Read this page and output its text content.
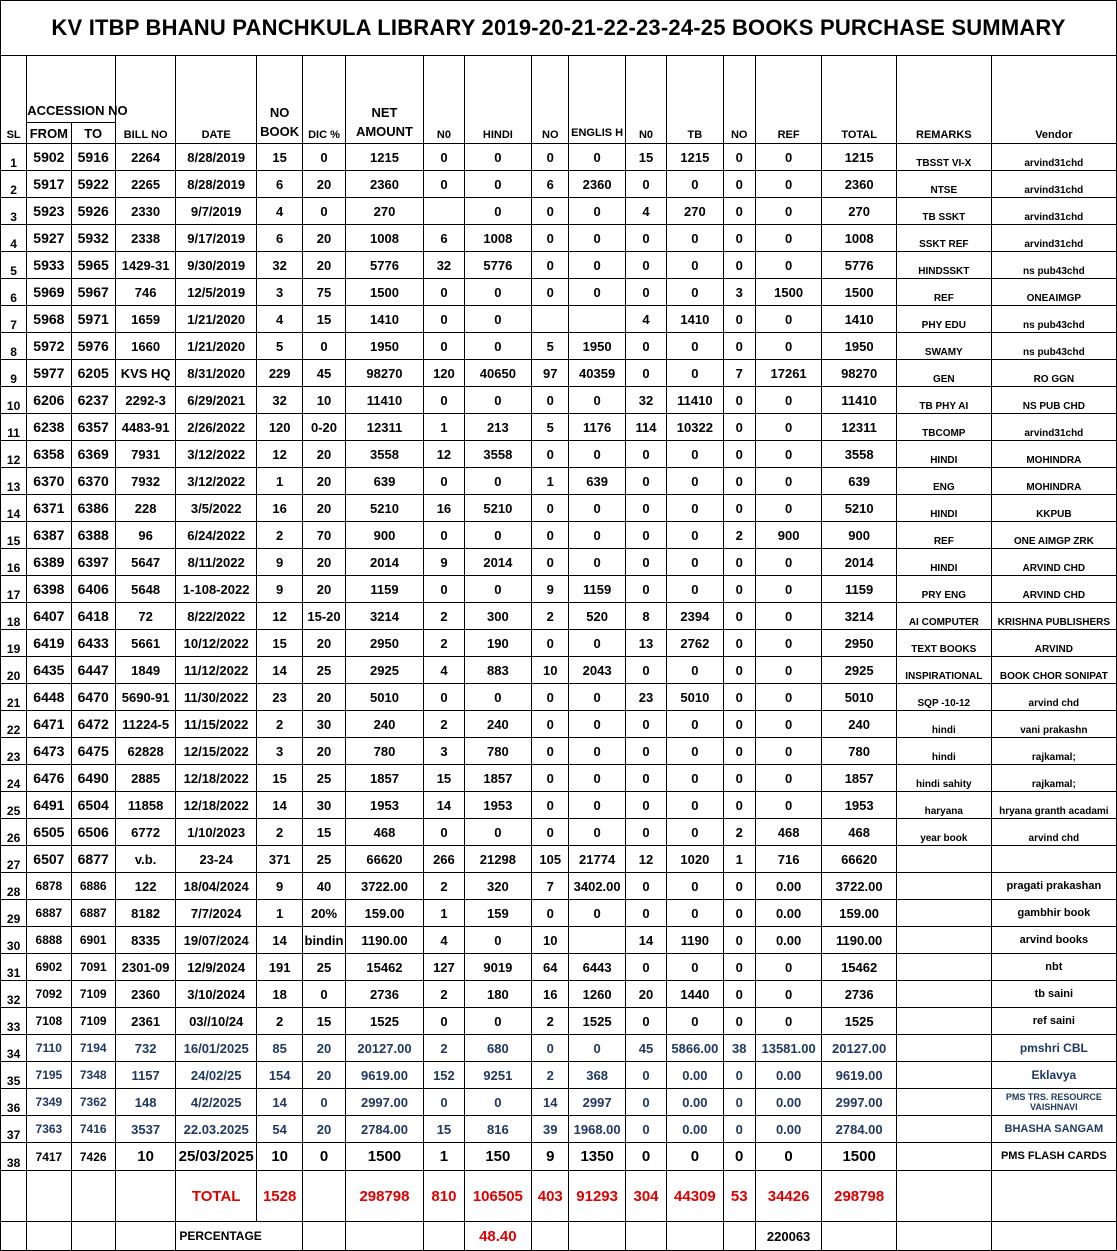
KV ITBP BHANU PANCHKULA LIBRARY 2019-20-21-22-23-24-25 BOOKS PURCHASE SUMMARY																		
SL	ACCESSION NO		BILL NO	DATE	NO BOOK	DIC %	NET AMOUNT	N0	HINDI	NO	ENGLIS H	N0	TB	NO	REF	TOTAL	REMARKS	Vendor
	FROM	TO																
1	5902	5916	2264	8/28/2019	15	0	1215	0	0	0	0	15	1215	0	0	1215	TBSST VI-X	arvind31chd
2	5917	5922	2265	8/28/2019	6	20	2360	0	0	6	2360	0	0	0	0	2360	NTSE	arvind31chd
3	5923	5926	2330	9/7/2019	4	0	270		0	0	0	4	270	0	0	270	TB SSKT	arvind31chd
4	5927	5932	2338	9/17/2019	6	20	1008	6	1008	0	0	0	0	0	0	1008	SSKT REF	arvind31chd
5	5933	5965	1429-31	9/30/2019	32	20	5776	32	5776	0	0	0	0	0	0	5776	HINDSSKT	ns pub43chd
6	5969	5967	746	12/5/2019	3	75	1500	0	0	0	0	0	0	3	1500	1500	REF	ONEAIMGP
7	5968	5971	1659	1/21/2020	4	15	1410	0	0			4	1410	0	0	1410	PHY EDU	ns pub43chd
8	5972	5976	1660	1/21/2020	5	0	1950	0	0	5	1950	0	0	0	0	1950	SWAMY	ns pub43chd
9	5977	6205	KVS HQ	8/31/2020	229	45	98270	120	40650	97	40359	0	0	7	17261	98270	GEN	RO GGN
10	6206	6237	2292-3	6/29/2021	32	10	11410	0	0	0	0	32	11410	0	0	11410	TB PHY AI	NS PUB CHD
11	6238	6357	4483-91	2/26/2022	120	0-20	12311	1	213	5	1176	114	10322	0	0	12311	TBCOMP	arvind31chd
12	6358	6369	7931	3/12/2022	12	20	3558	12	3558	0	0	0	0	0	0	3558	HINDI	MOHINDRA
13	6370	6370	7932	3/12/2022	1	20	639	0	0	1	639	0	0	0	0	639	ENG	MOHINDRA
14	6371	6386	228	3/5/2022	16	20	5210	16	5210	0	0	0	0	0	0	5210	HINDI	KKPUB
15	6387	6388	96	6/24/2022	2	70	900	0	0	0	0	0	0	2	900	900	REF	ONE AIMGP ZRK
16	6389	6397	5647	8/11/2022	9	20	2014	9	2014	0	0	0	0	0	0	2014	HINDI	ARVIND CHD
17	6398	6406	5648	1-108-2022	9	20	1159	0	0	9	1159	0	0	0	0	1159	PRY ENG	ARVIND CHD
18	6407	6418	72	8/22/2022	12	15-20	3214	2	300	2	520	8	2394	0	0	3214	AI COMPUTER	KRISHNA PUBLISHERS
19	6419	6433	5661	10/12/2022	15	20	2950	2	190	0	0	13	2762	0	0	2950	TEXT BOOKS	ARVIND
20	6435	6447	1849	11/12/2022	14	25	2925	4	883	10	2043	0	0	0	0	2925	INSPIRATIONAL	BOOK CHOR SONIPAT
21	6448	6470	5690-91	11/30/2022	23	20	5010	0	0	0	0	23	5010	0	0	5010	SQP -10-12	arvind chd
22	6471	6472	11224-5	11/15/2022	2	30	240	2	240	0	0	0	0	0	0	240	hindi	vani prakashn
23	6473	6475	62828	12/15/2022	3	20	780	3	780	0	0	0	0	0	0	780	hindi	rajkamal;
24	6476	6490	2885	12/18/2022	15	25	1857	15	1857	0	0	0	0	0	0	1857	hindi sahity	rajkamal;
25	6491	6504	11858	12/18/2022	14	30	1953	14	1953	0	0	0	0	0	0	1953	haryana	hryana granth acadami
26	6505	6506	6772	1/10/2023	2	15	468	0	0	0	0	0	0	2	468	468	year book	arvind chd
27	6507	6877	v.b.	23-24	371	25	66620	266	21298	105	21774	12	1020	1	716	66620		
28	6878	6886	122	18/04/2024	9	40	3722.00	2	320	7	3402.00	0	0	0	0.00	3722.00		pragati prakashan
29	6887	6887	8182	7/7/2024	1	20%	159.00	1	159	0	0	0	0	0	0.00	159.00		gambhir book
30	6888	6901	8335	19/07/2024	14	bindin	1190.00	4	0	10		14	1190	0	0.00	1190.00		arvind books
31	6902	7091	2301-09	12/9/2024	191	25	15462	127	9019	64	6443	0	0	0	0	15462		nbt
32	7092	7109	2360	3/10/2024	18	0	2736	2	180	16	1260	20	1440	0	0	2736		tb saini
33	7108	7109	2361	03//10/24	2	15	1525	0	0	2	1525	0	0	0	0	1525		ref saini
34	7110	7194	732	16/01/2025	85	20	20127.00	2	680	0	0	45	5866.00	38	13581.00	20127.00		pmshri CBL
35	7195	7348	1157	24/02/25	154	20	9619.00	152	9251	2	368	0	0.00	0	0.00	9619.00		Eklavya
36	7349	7362	148	4/2/2025	14	0	2997.00	0	0	14	2997	0	0.00	0	0.00	2997.00		PMS TRS. RESOURCE VAISHNAVI
37	7363	7416	3537	22.03.2025	54	20	2784.00	15	816	39	1968.00	0	0.00	0	0.00	2784.00		BHASHA SANGAM
38	7417	7426	10	25/03/2025	10	0	1500	1	150	9	1350	0	0	0	0	1500		PMS FLASH CARDS
				TOTAL	1528		298798	810	106505	403	91293	304	44309	53	34426	298798		
				PERCENTAGE					48.40						220063			
